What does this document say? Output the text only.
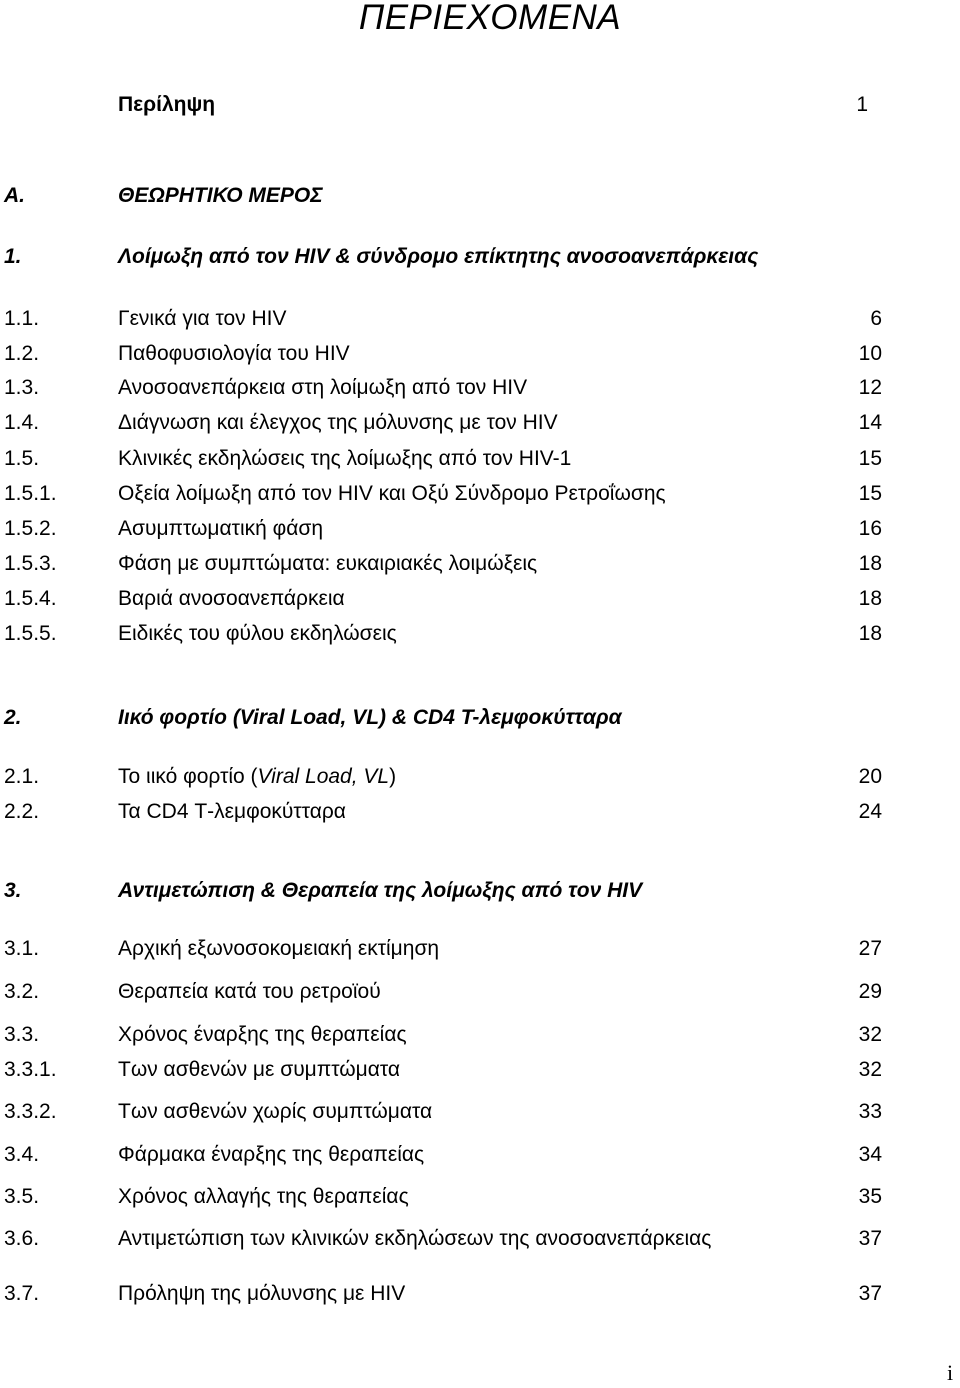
ΠΕΡΙΕΧΟΜΕΝΑ
Περίληψη	1
Α.	ΘΕΩΡΗΤΙΚΟ ΜΕΡΟΣ
1.	Λοίμωξη από τον HIV & σύνδρομο επίκτητης ανοσοανεπάρκειας
1.1.	Γενικά για τον HIV	6
1.2.	Παθοφυσιολογία του HIV	10
1.3.	Ανοσοανεπάρκεια στη λοίμωξη από τον HIV	12
1.4.	Διάγνωση και έλεγχος της μόλυνσης με τον HIV	14
1.5.	Κλινικές εκδηλώσεις της λοίμωξης από τον HIV-1	15
1.5.1.	Οξεία λοίμωξη από τον HIV και Οξύ Σύνδρομο Ρετροΐωσης	15
1.5.2.	Ασυμπτωματική φάση	16
1.5.3.	Φάση με συμπτώματα: ευκαιριακές λοιμώξεις	18
1.5.4.	Βαριά ανοσοανεπάρκεια	18
1.5.5.	Ειδικές του φύλου εκδηλώσεις	18
2.	Ιικό φορτίο (Viral Load, VL) & CD4 Τ-λεμφοκύτταρα
2.1.	Το ιικό φορτίο (Viral Load, VL)	20
2.2.	Τα CD4 Τ-λεμφοκύτταρα	24
3.	Αντιμετώπιση & Θεραπεία της λοίμωξης από τον HIV
3.1.	Αρχική εξωνοσοκομειακή εκτίμηση	27
3.2.	Θεραπεία κατά του ρετροϊού	29
3.3.	Χρόνος έναρξης της θεραπείας	32
3.3.1.	Των ασθενών με συμπτώματα	32
3.3.2.	Των ασθενών χωρίς συμπτώματα	33
3.4.	Φάρμακα έναρξης της θεραπείας	34
3.5.	Χρόνος αλλαγής της θεραπείας	35
3.6.	Αντιμετώπιση των κλινικών εκδηλώσεων της ανοσοανεπάρκειας	37
3.7.	Πρόληψη της μόλυνσης με HIV	37
i
